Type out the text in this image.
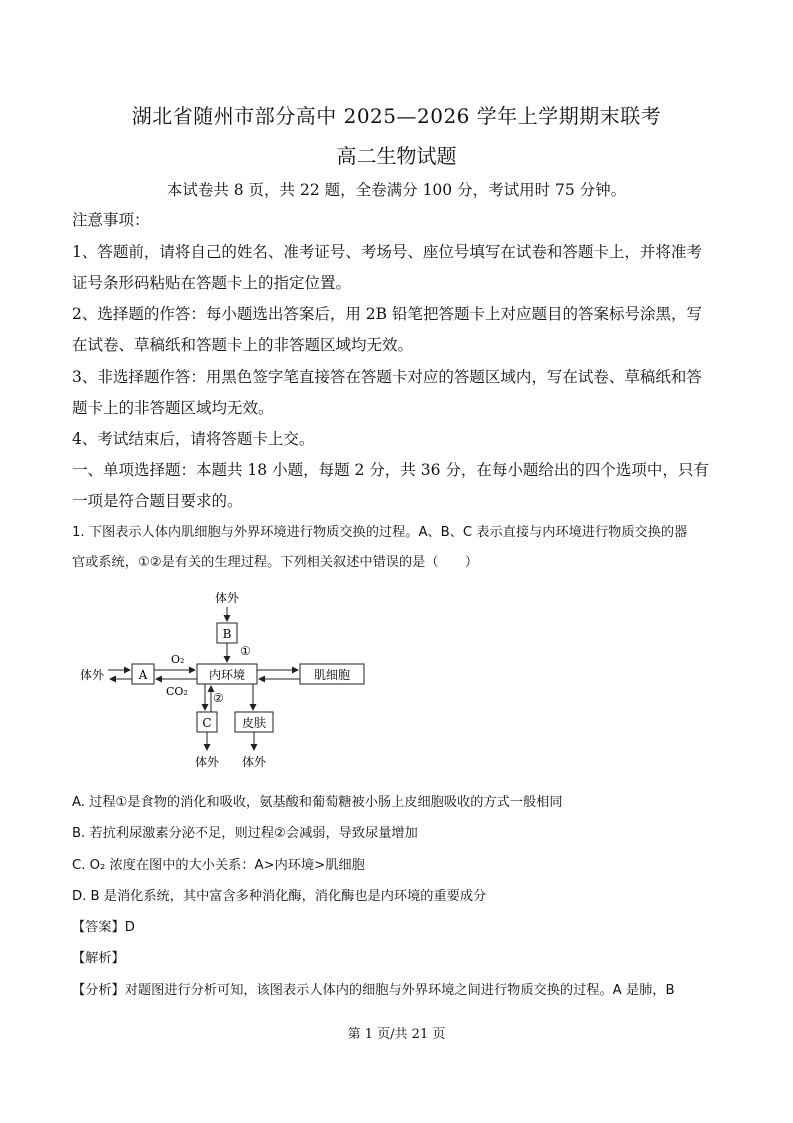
湖北省随州市部分高中 2025—2026 学年上学期期末联考
高二生物试题
本试卷共 8 页，共 22 题，全卷满分 100 分，考试用时 75 分钟。
注意事项：
1、答题前，请将自己的姓名、准考证号、考场号、座位号填写在试卷和答题卡上，并将准考
证号条形码粘贴在答题卡上的指定位置。
2、选择题的作答：每小题选出答案后，用 2B 铅笔把答题卡上对应题目的答案标号涂黑，写
在试卷、草稿纸和答题卡上的非答题区域均无效。
3、非选择题作答：用黑色签字笔直接答在答题卡对应的答题区域内，写在试卷、草稿纸和答
题卡上的非答题区域均无效。
4、考试结束后，请将答题卡上交。
一、单项选择题：本题共 18 小题，每题 2 分，共 36 分，在每小题给出的四个选项中，只有
一项是符合题目要求的。
1. 下图表示人体内肌细胞与外界环境进行物质交换的过程。A、B、C 表示直接与内环境进行物质交换的器
官或系统，①②是有关的生理过程。下列相关叙述中错误的是（　　）
体外
B
①
体外	A
O₂
CO₂
内环境	肌细胞
②
C
体外
皮肤
体外
A. 过程①是食物的消化和吸收，氨基酸和葡萄糖被小肠上皮细胞吸收的方式一般相同
B. 若抗利尿激素分泌不足，则过程②会减弱，导致尿量增加
C. O₂ 浓度在图中的大小关系：A>内环境>肌细胞
D. B 是消化系统，其中富含多种消化酶，消化酶也是内环境的重要成分
【答案】D
【解析】
【分析】对题图进行分析可知，该图表示人体内的细胞与外界环境之间进行物质交换的过程。A 是肺，B
第 1 页/共 21 页
